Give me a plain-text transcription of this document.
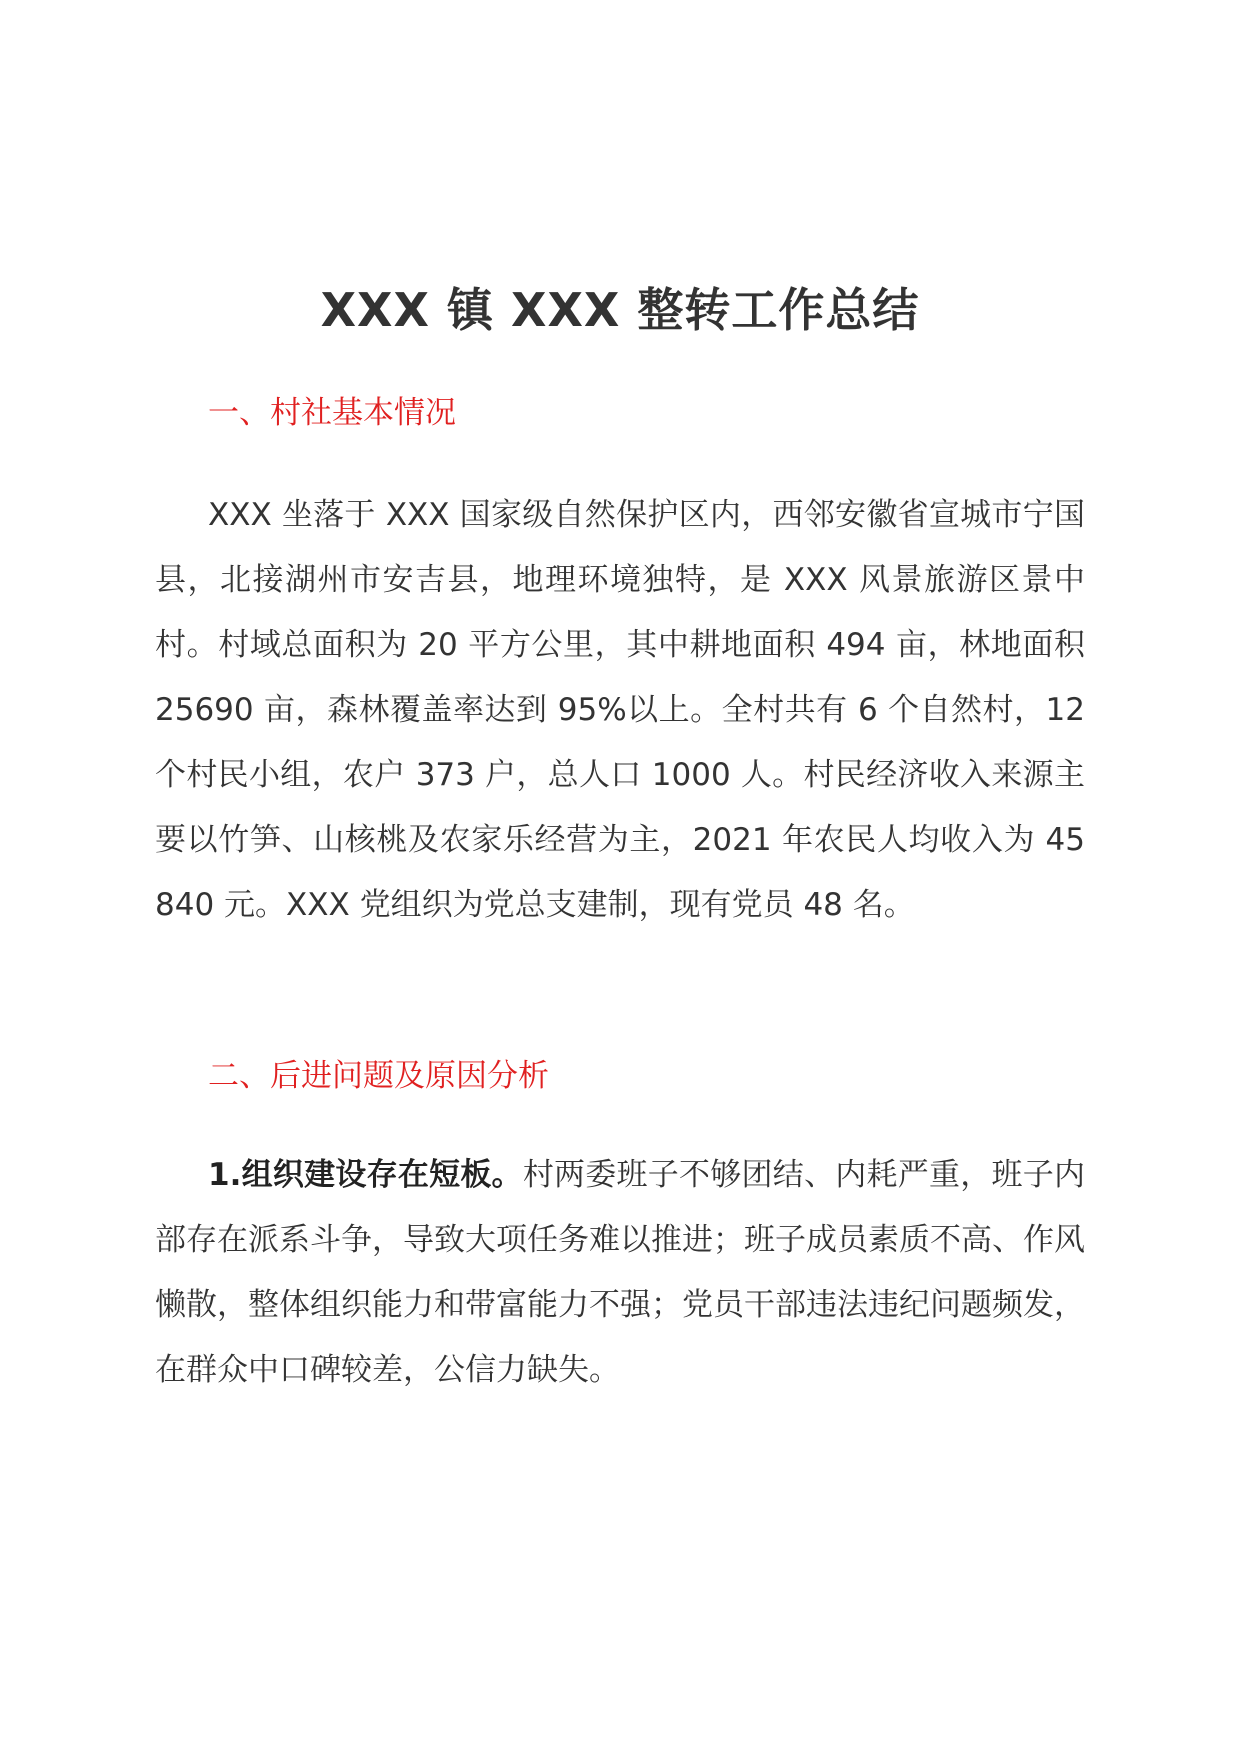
XXX 镇 XXX 整转工作总结
一、村社基本情况

XXX 坐落于 XXX 国家级自然保护区内，西邻安徽省宣城市宁国县，北接湖州市安吉县，地理环境独特，是 XXX 风景旅游区景中村。村域总面积为 20 平方公里，其中耕地面积 494 亩，林地面积 25690 亩，森林覆盖率达到 95%以上。全村共有 6 个自然村，12 个村民小组，农户 373 户，总人口 1000 人。村民经济收入来源主要以竹笋、山核桃及农家乐经营为主，2021 年农民人均收入为 45840 元。XXX 党组织为党总支建制，现有党员 48 名。

二、后进问题及原因分析

1.组织建设存在短板。村两委班子不够团结、内耗严重，班子内部存在派系斗争，导致大项任务难以推进；班子成员素质不高、作风懒散，整体组织能力和带富能力不强；党员干部违法违纪问题频发，在群众中口碑较差，公信力缺失。
